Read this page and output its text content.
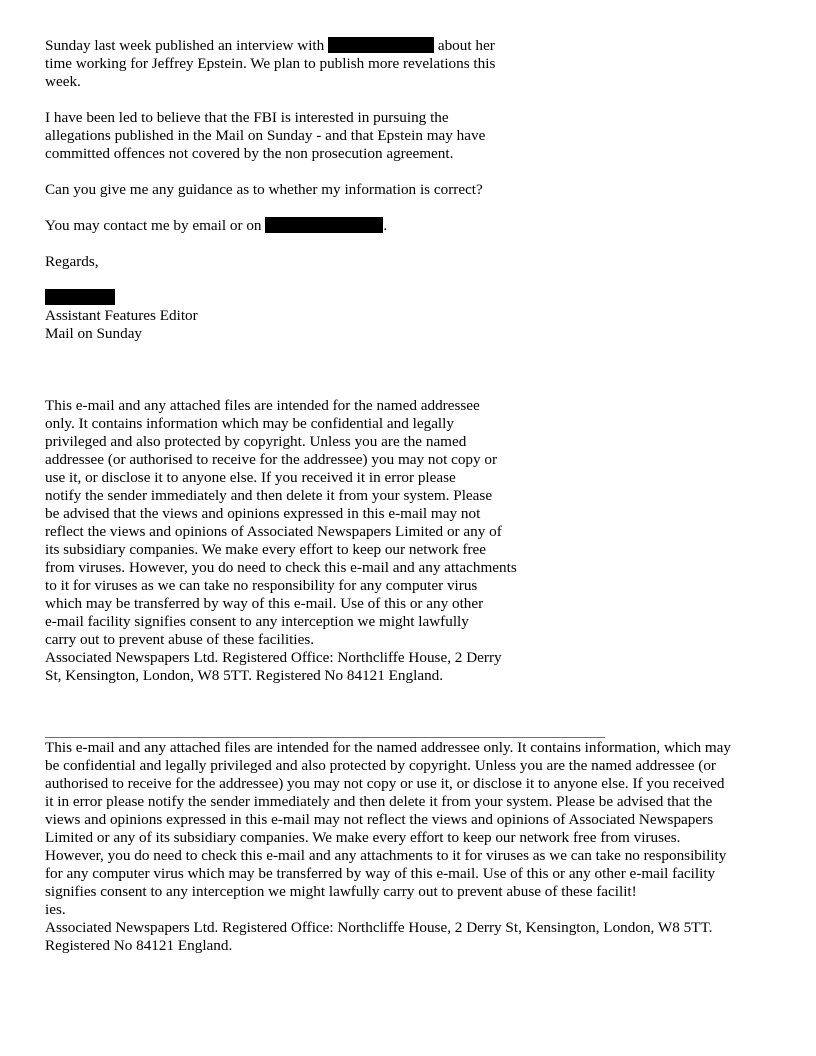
Sunday last week published an interview with	about her
time working for Jeffrey Epstein. We plan to publish more revelations this
week.
I have been led to believe that the FBI is interested in pursuing the
allegations published in the Mail on Sunday - and that Epstein may have
committed offences not covered by the non prosecution agreement.
Can you give me any guidance as to whether my information is correct?
You may contact me by email or on	.
Regards,
Assistant Features Editor
Mail on Sunday
This e-mail and any attached files are intended for the named addressee
only. It contains information which may be confidential and legally
privileged and also protected by copyright. Unless you are the named
addressee (or authorised to receive for the addressee) you may not copy or
use it, or disclose it to anyone else. If you received it in error please
notify the sender immediately and then delete it from your system. Please
be advised that the views and opinions expressed in this e-mail may not
reflect the views and opinions of Associated Newspapers Limited or any of
its subsidiary companies. We make every effort to keep our network free
from viruses. However, you do need to check this e-mail and any attachments
to it for viruses as we can take no responsibility for any computer virus
which may be transferred by way of this e-mail. Use of this or any other
e-mail facility signifies consent to any interception we might lawfully
carry out to prevent abuse of these facilities.
Associated Newspapers Ltd. Registered Office: Northcliffe House, 2 Derry
St, Kensington, London, W8 5TT. Registered No 84121 England.
This e-mail and any attached files are intended for the named addressee only. It contains information, which may
be confidential and legally privileged and also protected by copyright. Unless you are the named addressee (or
authorised to receive for the addressee) you may not copy or use it, or disclose it to anyone else. If you received
it in error please notify the sender immediately and then delete it from your system. Please be advised that the
views and opinions expressed in this e-mail may not reflect the views and opinions of Associated Newspapers
Limited or any of its subsidiary companies. We make every effort to keep our network free from viruses.
However, you do need to check this e-mail and any attachments to it for viruses as we can take no responsibility
for any computer virus which may be transferred by way of this e-mail. Use of this or any other e-mail facility
signifies consent to any interception we might lawfully carry out to prevent abuse of these facilit!
ies.
Associated Newspapers Ltd. Registered Office: Northcliffe House, 2 Derry St, Kensington, London, W8 5TT.
Registered No 84121 England.
